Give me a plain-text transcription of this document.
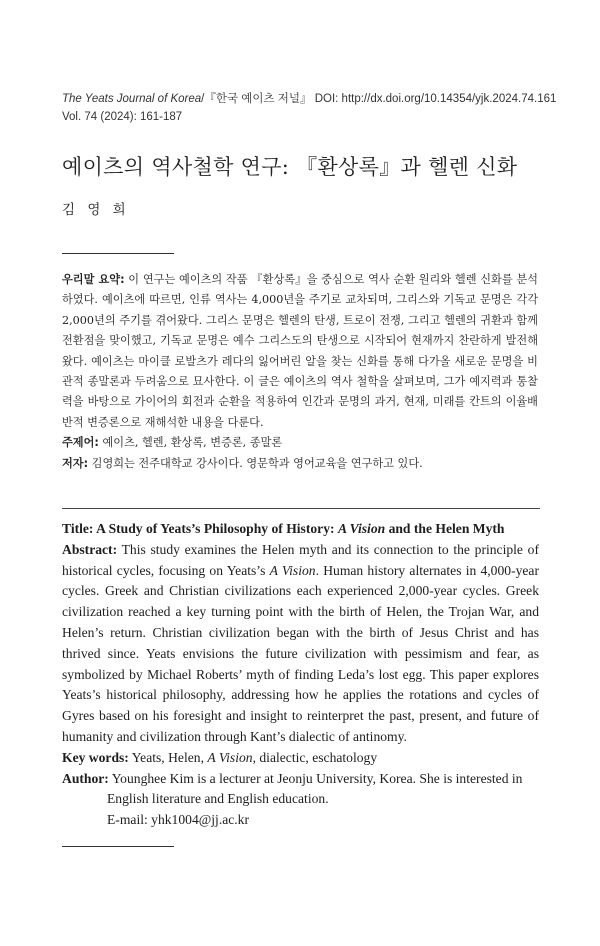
The Yeats Journal of Korea/『한국 예이츠 저널』 DOI: http://dx.doi.org/10.14354/yjk.2024.74.161
Vol. 74 (2024): 161-187
예이츠의 역사철학 연구: 『환상록』과 헬렌 신화
김 영 희

우리말 요약: 이 연구는 예이츠의 작품 『환상록』을 중심으로 역사 순환 원리와 헬렌 신화를 분석하였다. 예이츠에 따르면, 인류 역사는 4,000년을 주기로 교차되며, 그리스와 기독교 문명은 각각 2,000년의 주기를 겪어왔다. 그리스 문명은 헬렌의 탄생, 트로이 전쟁, 그리고 헬렌의 귀환과 함께 전환점을 맞이했고, 기독교 문명은 예수 그리스도의 탄생으로 시작되어 현재까지 찬란하게 발전해 왔다. 예이츠는 마이클 로발츠가 레다의 잃어버린 알을 찾는 신화를 통해 다가올 새로운 문명을 비관적 종말론과 두려움으로 묘사한다. 이 글은 예이츠의 역사 철학을 살펴보며, 그가 예지력과 통찰력을 바탕으로 가이어의 회전과 순환을 적용하여 인간과 문명의 과거, 현재, 미래를 칸트의 이율배반적 변증론으로 재해석한 내용을 다룬다.

주제어: 예이츠, 헬렌, 환상록, 변증론, 종말론

저자: 김영희는 전주대학교 강사이다. 영문학과 영어교육을 연구하고 있다.

Title: A Study of Yeats’s Philosophy of History: A Vision and the Helen Myth

Abstract: This study examines the Helen myth and its connection to the principle of historical cycles, focusing on Yeats’s A Vision. Human history alternates in 4,000-year cycles. Greek and Christian civilizations each experienced 2,000-year cycles. Greek civilization reached a key turning point with the birth of Helen, the Trojan War, and Helen’s return. Christian civilization began with the birth of Jesus Christ and has thrived since. Yeats envisions the future civilization with pessimism and fear, as symbolized by Michael Roberts’ myth of finding Leda’s lost egg. This paper explores Yeats’s historical philosophy, addressing how he applies the rotations and cycles of Gyres based on his foresight and insight to reinterpret the past, present, and future of humanity and civilization through Kant’s dialectic of antinomy.

Key words: Yeats, Helen, A Vision, dialectic, eschatology

Author: Younghee Kim is a lecturer at Jeonju University, Korea. She is interested in
English literature and English education.
E-mail: yhk1004@jj.ac.kr
